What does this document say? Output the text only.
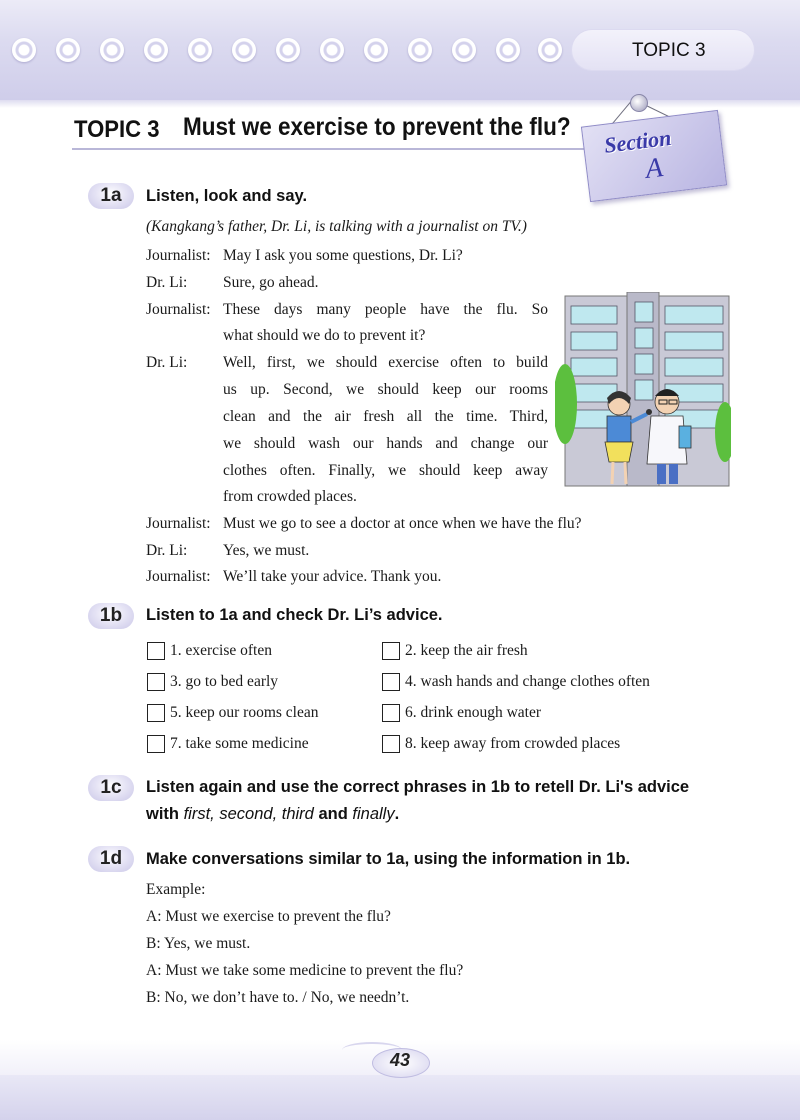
TOPIC 3
TOPIC 3 Must we exercise to prevent the flu? Section
A
1a	Listen, look and say.
(Kangkang’s father, Dr. Li, is talking with a journalist on TV.)
Journalist: May I ask you some questions, Dr. Li?
Dr. Li: Sure, go ahead.
Journalist: These days many people have the flu. So
what should we do to prevent it?
Dr. Li: Well, first, we should exercise often to build
us up. Second, we should keep our rooms
clean and the air fresh all the time. Third,
we should wash our hands and change our
clothes often. Finally, we should keep away
from crowded places.
Journalist: Must we go to see a doctor at once when we have the flu?
Dr. Li: Yes, we must.
Journalist: We’ll take your advice. Thank you.
1b	Listen to 1a and check Dr. Li’s advice.
1. exercise often	2. keep the air fresh
3. go to bed early	4. wash hands and change clothes often
5. keep our rooms clean	6. drink enough water
7. take some medicine	8. keep away from crowded places
1c	Listen again and use the correct phrases in 1b to retell Dr. Li's advice
with first, second, third and finally.
1d	Make conversations similar to 1a, using the information in 1b.
Example:
A: Must we exercise to prevent the flu?
B: Yes, we must.
A: Must we take some medicine to prevent the flu?
B: No, we don’t have to. / No, we needn’t.
43
